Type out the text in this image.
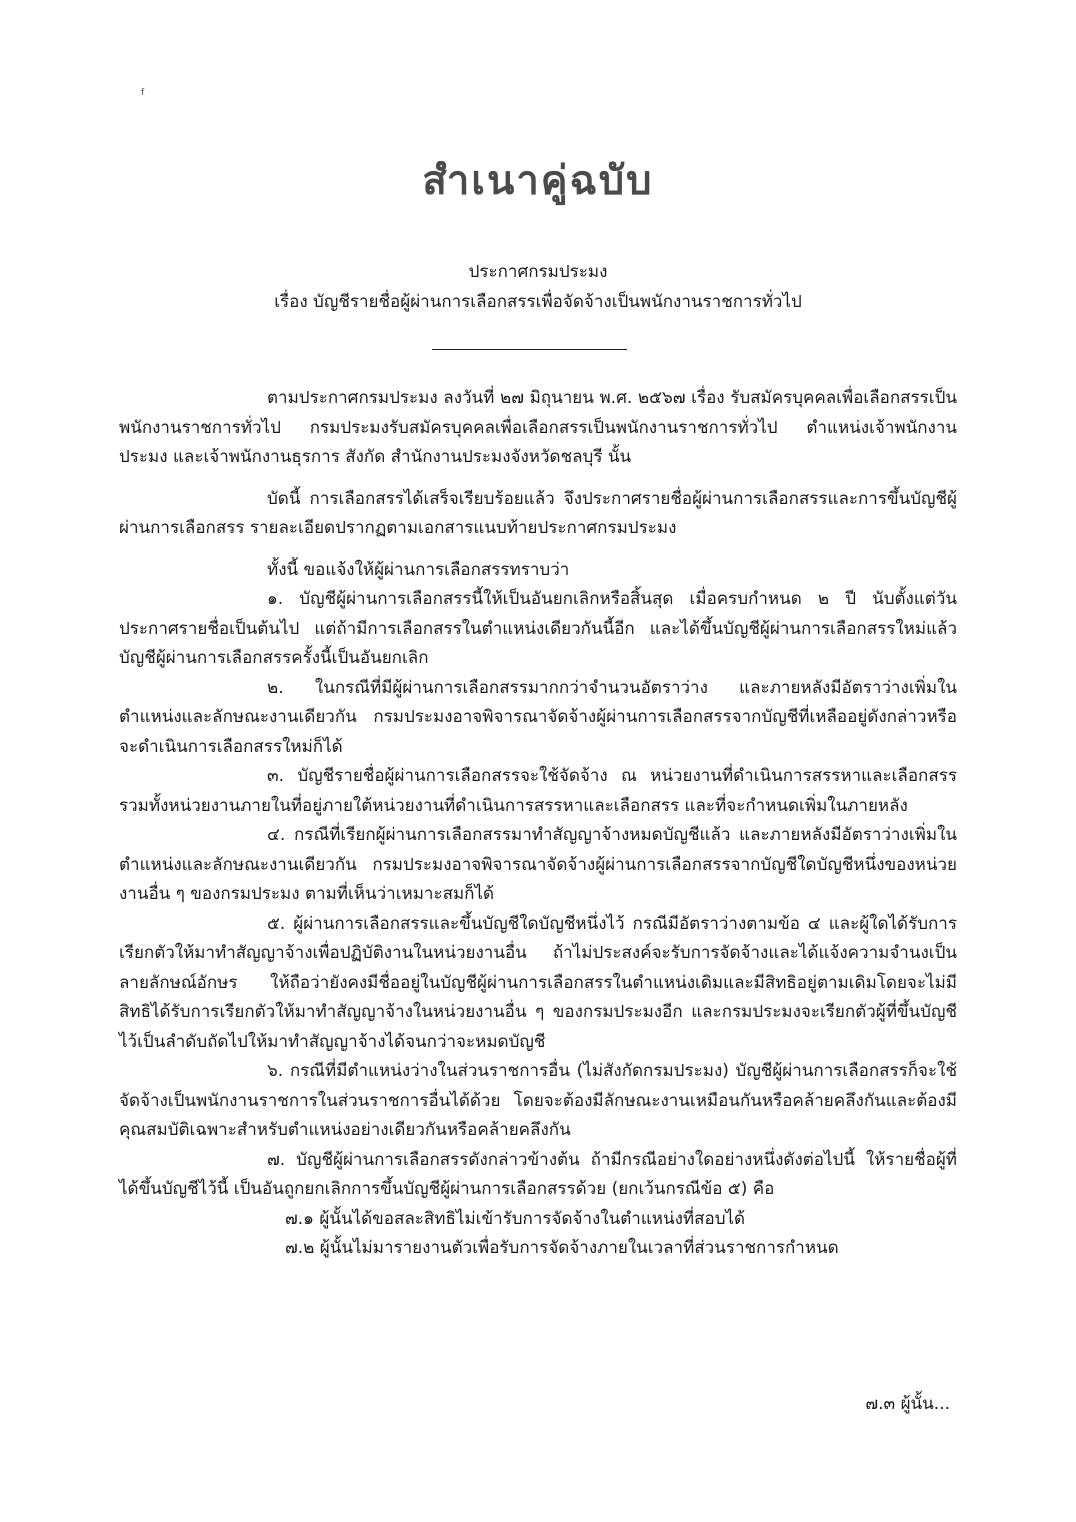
f
สำเนาคู่ฉบับ
ประกาศกรมประมง
เรื่อง บัญชีรายชื่อผู้ผ่านการเลือกสรรเพื่อจัดจ้างเป็นพนักงานราชการทั่วไป

ตามประกาศกรมประมง ลงวันที่ ๒๗ มิถุนายน พ.ศ. ๒๕๖๗ เรื่อง รับสมัครบุคคลเพื่อเลือกสรรเป็นพนักงานราชการทั่วไป กรมประมงรับสมัครบุคคลเพื่อเลือกสรรเป็นพนักงานราชการทั่วไป ตำแหน่งเจ้าพนักงานประมง และเจ้าพนักงานธุรการ สังกัด สำนักงานประมงจังหวัดชลบุรี นั้น

บัดนี้ การเลือกสรรได้เสร็จเรียบร้อยแล้ว จึงประกาศรายชื่อผู้ผ่านการเลือกสรรและการขึ้นบัญชีผู้ผ่านการเลือกสรร รายละเอียดปรากฏตามเอกสารแนบท้ายประกาศกรมประมง

ทั้งนี้ ขอแจ้งให้ผู้ผ่านการเลือกสรรทราบว่า

๑. บัญชีผู้ผ่านการเลือกสรรนี้ให้เป็นอันยกเลิกหรือสิ้นสุด เมื่อครบกำหนด ๒ ปี นับตั้งแต่วันประกาศรายชื่อเป็นต้นไป แต่ถ้ามีการเลือกสรรในตำแหน่งเดียวกันนี้อีก และได้ขึ้นบัญชีผู้ผ่านการเลือกสรรใหม่แล้ว บัญชีผู้ผ่านการเลือกสรรครั้งนี้เป็นอันยกเลิก

๒. ในกรณีที่มีผู้ผ่านการเลือกสรรมากกว่าจำนวนอัตราว่าง และภายหลังมีอัตราว่างเพิ่มในตำแหน่งและลักษณะงานเดียวกัน กรมประมงอาจพิจารณาจัดจ้างผู้ผ่านการเลือกสรรจากบัญชีที่เหลืออยู่ดังกล่าวหรือจะดำเนินการเลือกสรรใหม่ก็ได้

๓. บัญชีรายชื่อผู้ผ่านการเลือกสรรจะใช้จัดจ้าง ณ หน่วยงานที่ดำเนินการสรรหาและเลือกสรรรวมทั้งหน่วยงานภายในที่อยู่ภายใต้หน่วยงานที่ดำเนินการสรรหาและเลือกสรร และที่จะกำหนดเพิ่มในภายหลัง

๔. กรณีที่เรียกผู้ผ่านการเลือกสรรมาทำสัญญาจ้างหมดบัญชีแล้ว และภายหลังมีอัตราว่างเพิ่มในตำแหน่งและลักษณะงานเดียวกัน กรมประมงอาจพิจารณาจัดจ้างผู้ผ่านการเลือกสรรจากบัญชีใดบัญชีหนึ่งของหน่วยงานอื่น ๆ ของกรมประมง ตามที่เห็นว่าเหมาะสมก็ได้

๕. ผู้ผ่านการเลือกสรรและขึ้นบัญชีใดบัญชีหนึ่งไว้ กรณีมีอัตราว่างตามข้อ ๔ และผู้ใดได้รับการเรียกตัวให้มาทำสัญญาจ้างเพื่อปฏิบัติงานในหน่วยงานอื่น ถ้าไม่ประสงค์จะรับการจัดจ้างและได้แจ้งความจำนงเป็นลายลักษณ์อักษร ให้ถือว่ายังคงมีชื่ออยู่ในบัญชีผู้ผ่านการเลือกสรรในตำแหน่งเดิมและมีสิทธิอยู่ตามเดิมโดยจะไม่มีสิทธิได้รับการเรียกตัวให้มาทำสัญญาจ้างในหน่วยงานอื่น ๆ ของกรมประมงอีก และกรมประมงจะเรียกตัวผู้ที่ขึ้นบัญชีไว้เป็นลำดับถัดไปให้มาทำสัญญาจ้างได้จนกว่าจะหมดบัญชี

๖. กรณีที่มีตำแหน่งว่างในส่วนราชการอื่น (ไม่สังกัดกรมประมง) บัญชีผู้ผ่านการเลือกสรรก็จะใช้จัดจ้างเป็นพนักงานราชการในส่วนราชการอื่นได้ด้วย โดยจะต้องมีลักษณะงานเหมือนกันหรือคล้ายคลึงกันและต้องมีคุณสมบัติเฉพาะสำหรับตำแหน่งอย่างเดียวกันหรือคล้ายคลึงกัน

๗. บัญชีผู้ผ่านการเลือกสรรดังกล่าวข้างต้น ถ้ามีกรณีอย่างใดอย่างหนึ่งดังต่อไปนี้ ให้รายชื่อผู้ที่ได้ขึ้นบัญชีไว้นี้ เป็นอันถูกยกเลิกการขึ้นบัญชีผู้ผ่านการเลือกสรรด้วย (ยกเว้นกรณีข้อ ๕) คือ

๗.๑ ผู้นั้นได้ขอสละสิทธิไม่เข้ารับการจัดจ้างในตำแหน่งที่สอบได้

๗.๒ ผู้นั้นไม่มารายงานตัวเพื่อรับการจัดจ้างภายในเวลาที่ส่วนราชการกำหนด

๗.๓ ผู้นั้น...
